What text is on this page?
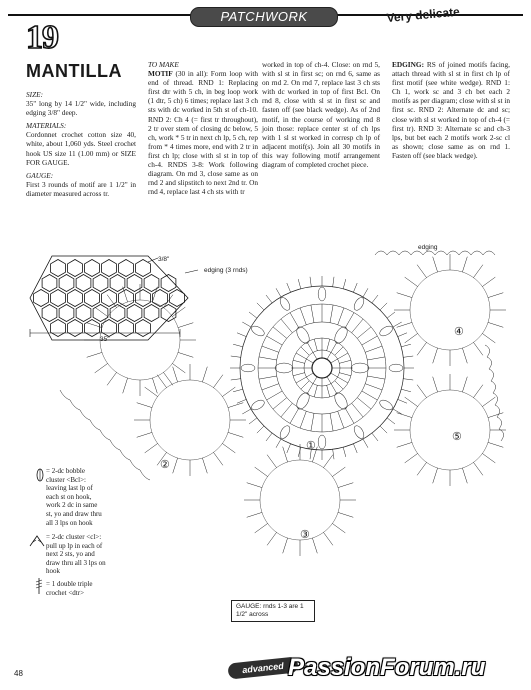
PATCHWORK	Very delicate
19
MANTILLA
SIZE:

35" long by 14 1/2" wide, including edging 3/8" deep.

MATERIALS:

Cordonnet crochet cotton size 40, white, about 1,060 yds. Steel crochet hook US size 11 (1.00 mm) or SIZE FOR GAUGE.

GAUGE:

First 3 rounds of motif are 1 1/2" in diameter measured across tr.

TO MAKE

MOTIF (30 in all): Form loop with end of thread. RND 1: Replacing first dtr with 5 ch, in beg loop work (1 dtr, 5 ch) 6 times; replace last 3 ch sts with dc worked in 5th st of ch-10. RND 2: Ch 4 (= first tr throughout), 2 tr over stem of closing dc below, 5 ch, work * 5 tr in next ch lp, 5 ch, rep from * 4 times more, end with 2 tr in first ch lp; close with sl st in top of ch-4. RNDS 3-8: Work following diagram. On rnd 3, close same as on rnd 2 and slipstitch to next 2nd tr. On rnd 4, replace last 4 ch sts with tr

worked in top of ch-4. Close: on rnd 5, with sl st in first sc; on rnd 6, same as on rnd 2. On rnd 7, replace last 3 ch sts with dc worked in top of first Bcl. On rnd 8, close with sl st in first sc and fasten off (see black wedge). As of 2nd motif, in the course of working rnd 8 join those: replace center st of ch lps with 1 sl st worked in corresp ch lp of adjacent motif(s). Join all 30 motifs in this way following motif arrangement diagram of completed crochet piece.

EDGING: RS of joined motifs facing, attach thread with sl st in first ch lp of first motif (see white wedge). RND 1: Ch 1, work sc and 3 ch bet each 2 motifs as per diagram; close with sl st in first sc. RND 2: Alternate dc and sc; close with sl st worked in top of ch-4 (= first tr). RND 3: Alternate sc and ch-3 lps, but bet each 2 motifs work 2-sc cl as shown; close same as on rnd 1. Fasten off (see black wedge).

3/8"
edging (3 rnds)
35"
edging
①
②
③
④
⑤
= 2-dc bobble cluster <Bcl>: leaving last lp of each st on hook, work 2 dc in same st, yo and draw thru all 3 lps on hook
= 2-dc cluster <cl>: pull up lp in each of next 2 sts, yo and draw thru all 3 lps on hook
= 1 double triple crochet <dtr>
GAUGE: rnds 1-3 are 1 1/2" across
48	advanced PassionForum.ru
